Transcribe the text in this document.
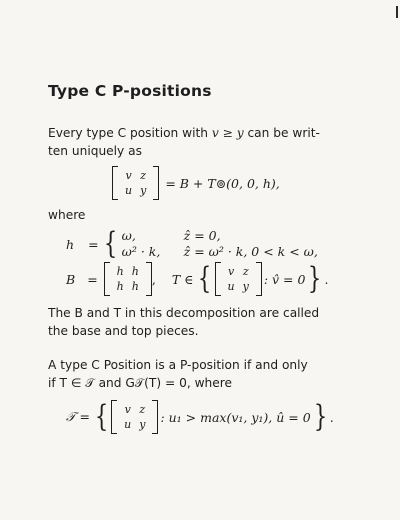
Type C P-positions
Every type C position with v ≥ y can be writ-
ten uniquely as
v	z
u	y = B + T⊚(0, 0, h),
where
h = { ω,	ẑ = 0,
ω² · k,	ẑ = ω² · k, 0 < k < ω,
B = h	h
h	h , T ∈ { v	z
u	y : v̂ = 0 } .
The B and T in this decomposition are called
the base and top pieces.
A type C Position is a P-position if and only
if T ∈ 𝒯 and G𝒯(T) = 0, where
𝒯 = { v	z
u	y : u₁ > max(v₁, y₁), û = 0 } .
